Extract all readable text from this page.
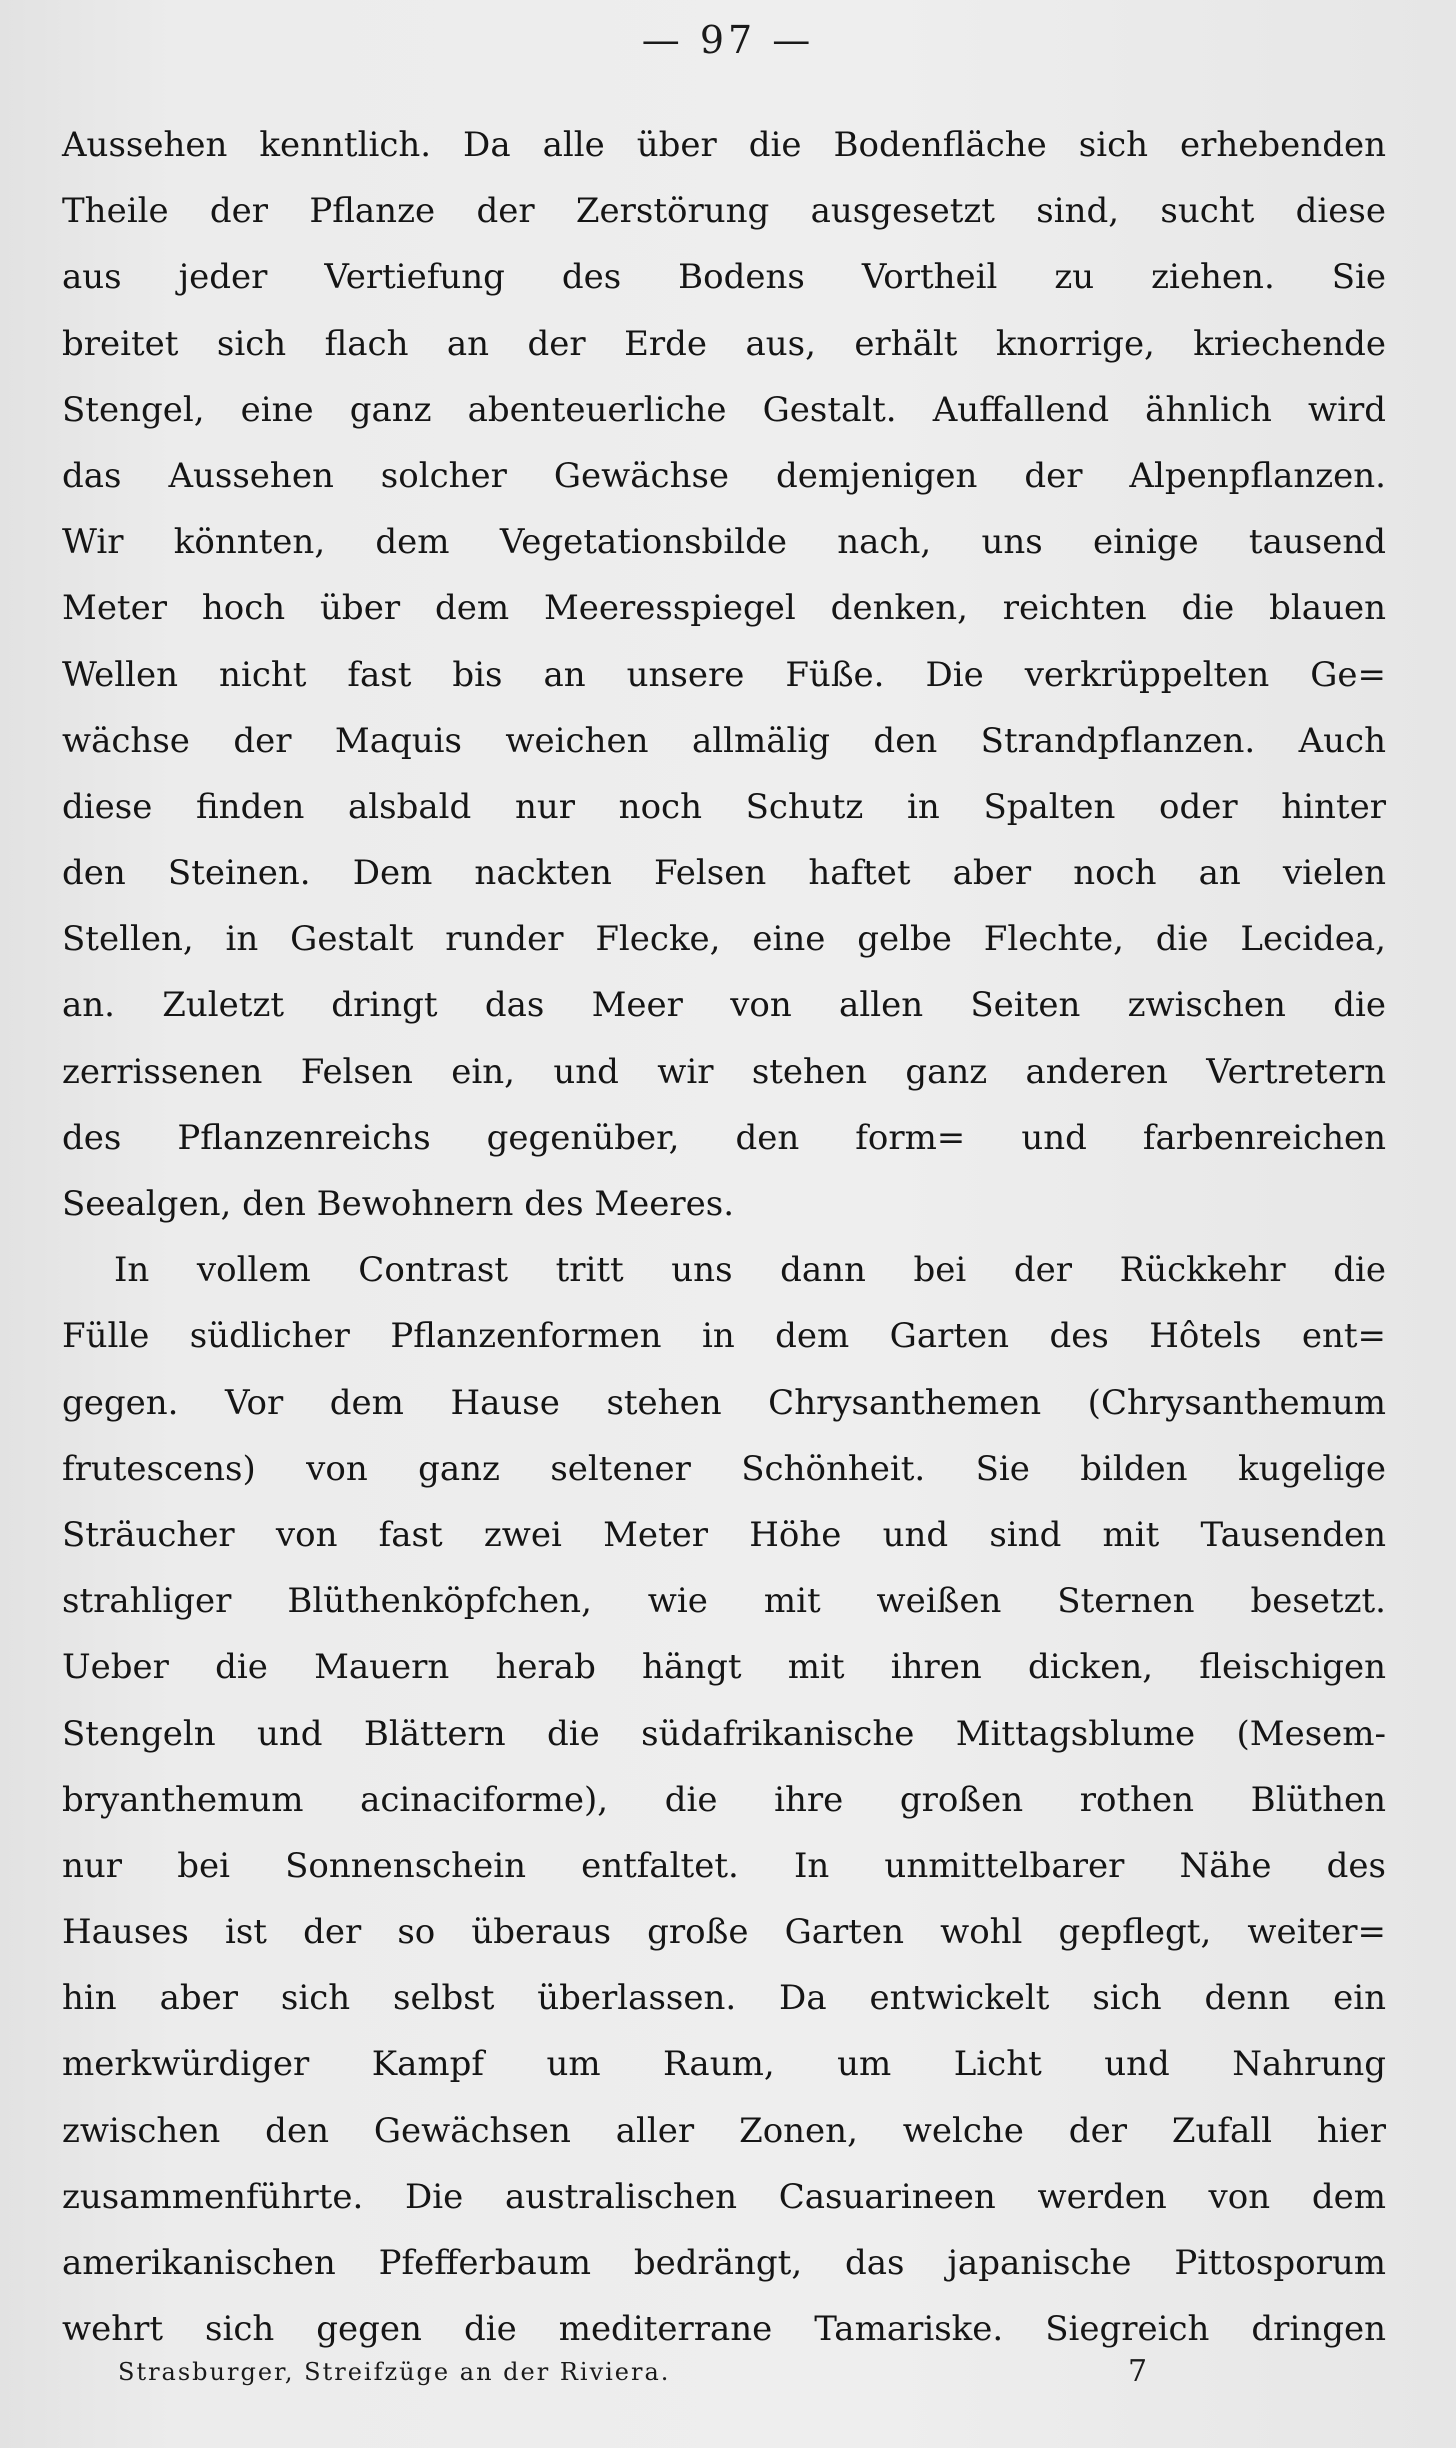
— 97 —
Aussehen kenntlich. Da alle über die Bodenfläche sich erhebenden
Theile der Pflanze der Zerstörung ausgesetzt sind, sucht diese
aus jeder Vertiefung des Bodens Vortheil zu ziehen. Sie
breitet sich flach an der Erde aus, erhält knorrige, kriechende
Stengel, eine ganz abenteuerliche Gestalt. Auffallend ähnlich wird
das Aussehen solcher Gewächse demjenigen der Alpenpflanzen.
Wir könnten, dem Vegetationsbilde nach, uns einige tausend
Meter hoch über dem Meeresspiegel denken, reichten die blauen
Wellen nicht fast bis an unsere Füße. Die verkrüppelten Ge=
wächse der Maquis weichen allmälig den Strandpflanzen. Auch
diese finden alsbald nur noch Schutz in Spalten oder hinter
den Steinen. Dem nackten Felsen haftet aber noch an vielen
Stellen, in Gestalt runder Flecke, eine gelbe Flechte, die Lecidea,
an. Zuletzt dringt das Meer von allen Seiten zwischen die
zerrissenen Felsen ein, und wir stehen ganz anderen Vertretern
des Pflanzenreichs gegenüber, den form= und farbenreichen
Seealgen, den Bewohnern des Meeres.
In vollem Contrast tritt uns dann bei der Rückkehr die
Fülle südlicher Pflanzenformen in dem Garten des Hôtels ent=
gegen. Vor dem Hause stehen Chrysanthemen (Chrysanthemum
frutescens) von ganz seltener Schönheit. Sie bilden kugelige
Sträucher von fast zwei Meter Höhe und sind mit Tausenden
strahliger Blüthenköpfchen, wie mit weißen Sternen besetzt.
Ueber die Mauern herab hängt mit ihren dicken, fleischigen
Stengeln und Blättern die südafrikanische Mittagsblume (Mesem-
bryanthemum acinaciforme), die ihre großen rothen Blüthen
nur bei Sonnenschein entfaltet. In unmittelbarer Nähe des
Hauses ist der so überaus große Garten wohl gepflegt, weiter=
hin aber sich selbst überlassen. Da entwickelt sich denn ein
merkwürdiger Kampf um Raum, um Licht und Nahrung
zwischen den Gewächsen aller Zonen, welche der Zufall hier
zusammenführte. Die australischen Casuarineen werden von dem
amerikanischen Pfefferbaum bedrängt, das japanische Pittosporum
wehrt sich gegen die mediterrane Tamariske. Siegreich dringen
Strasburger, Streifzüge an der Riviera.	7
